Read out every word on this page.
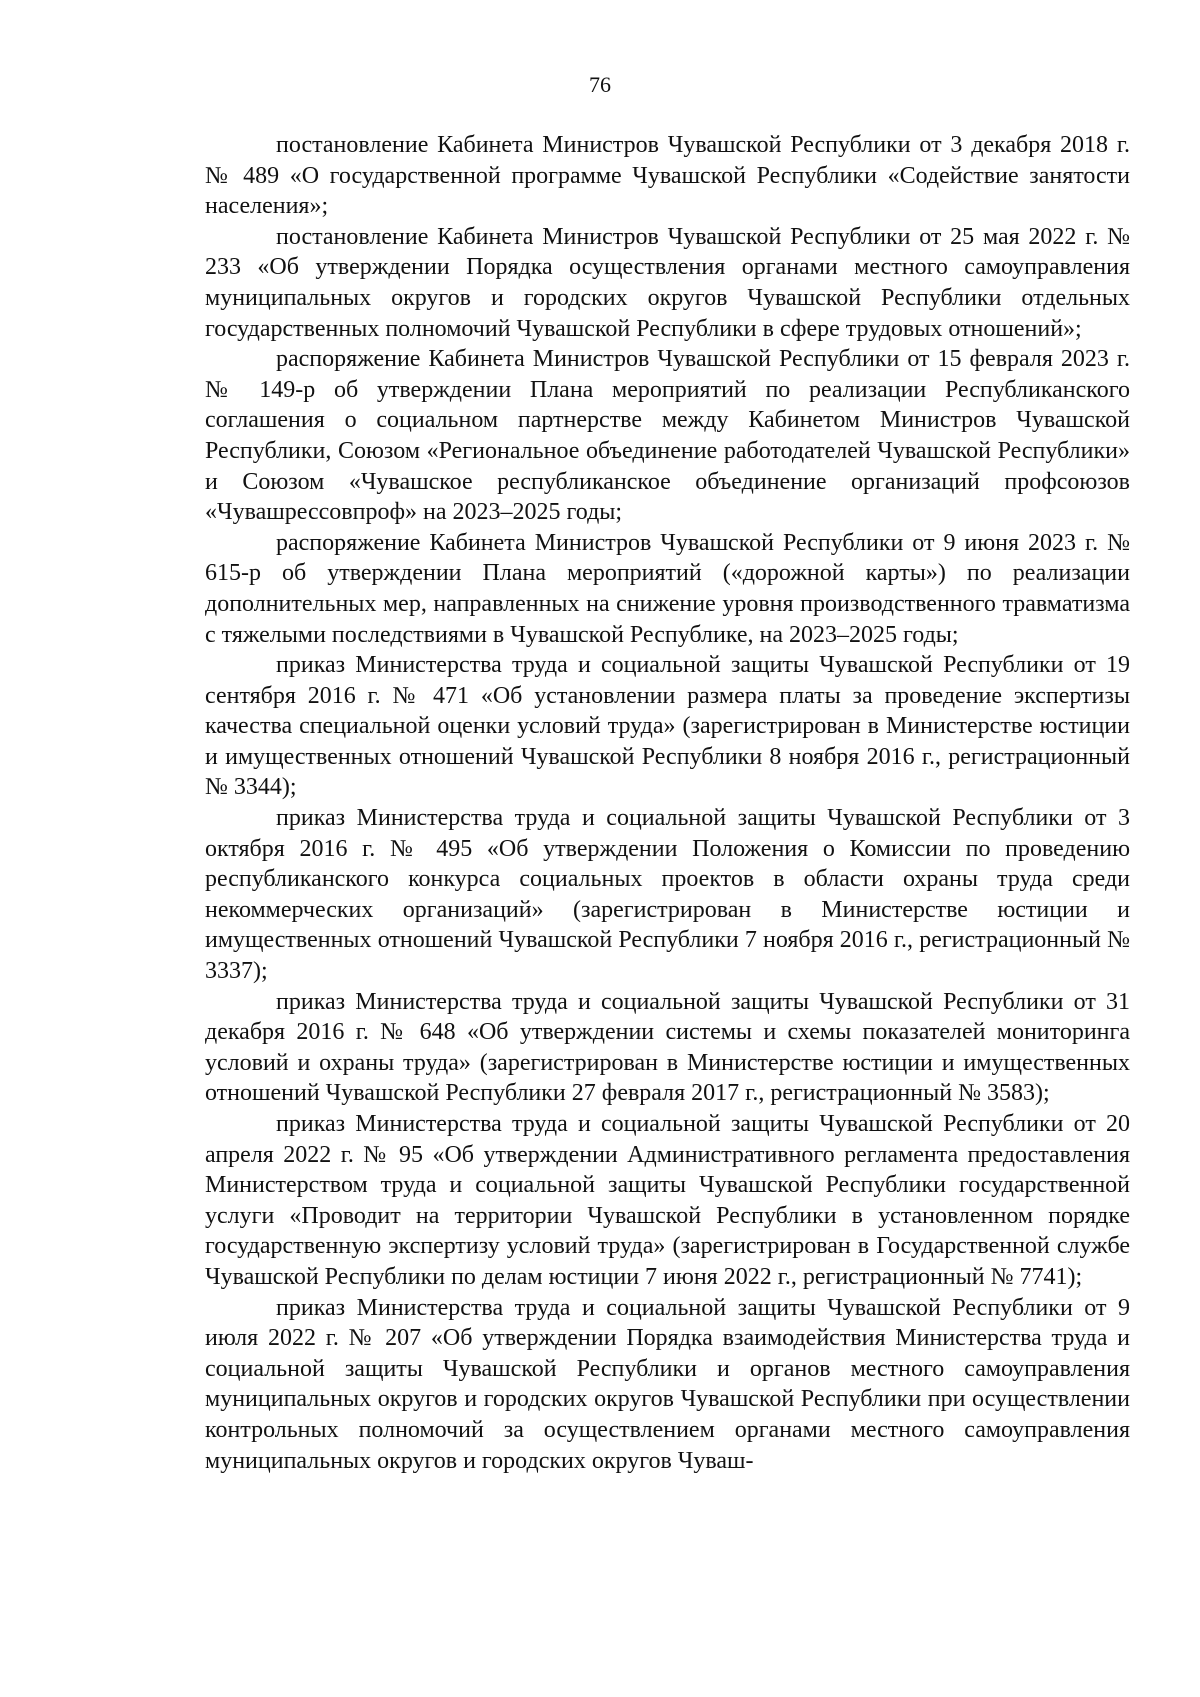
76

постановление Кабинета Министров Чувашской Республики от 3 декабря 2018 г. № 489 «О государственной программе Чувашской Республики «Содействие занятости населения»;

постановление Кабинета Министров Чувашской Республики от 25 мая 2022 г. № 233 «Об утверждении Порядка осуществления органами местного самоуправления муниципальных округов и городских округов Чувашской Республики отдельных государственных полномочий Чувашской Республики в сфере трудовых отношений»;

распоряжение Кабинета Министров Чувашской Республики от 15 февраля 2023 г. № 149-р об утверждении Плана мероприятий по реализации Республиканского соглашения о социальном партнерстве между Кабинетом Министров Чувашской Республики, Союзом «Региональное объединение работодателей Чувашской Республики» и Союзом «Чувашское республиканское объединение организаций профсоюзов «Чувашрессовпроф» на 2023–2025 годы;

распоряжение Кабинета Министров Чувашской Республики от 9 июня 2023 г. № 615-р об утверждении Плана мероприятий («дорожной карты») по реализации дополнительных мер, направленных на снижение уровня производственного травматизма с тяжелыми последствиями в Чувашской Республике, на 2023–2025 годы;

приказ Министерства труда и социальной защиты Чувашской Республики от 19 сентября 2016 г. № 471 «Об установлении размера платы за проведение экспертизы качества специальной оценки условий труда» (зарегистрирован в Министерстве юстиции и имущественных отношений Чувашской Республики 8 ноября 2016 г., регистрационный № 3344);

приказ Министерства труда и социальной защиты Чувашской Республики от 3 октября 2016 г. № 495 «Об утверждении Положения о Комиссии по проведению республиканского конкурса социальных проектов в области охраны труда среди некоммерческих организаций» (зарегистрирован в Министерстве юстиции и имущественных отношений Чувашской Республики 7 ноября 2016 г., регистрационный № 3337);

приказ Министерства труда и социальной защиты Чувашской Республики от 31 декабря 2016 г. № 648 «Об утверждении системы и схемы показателей мониторинга условий и охраны труда» (зарегистрирован в Министерстве юстиции и имущественных отношений Чувашской Республики 27 февраля 2017 г., регистрационный № 3583);

приказ Министерства труда и социальной защиты Чувашской Республики от 20 апреля 2022 г. № 95 «Об утверждении Административного регламента предоставления Министерством труда и социальной защиты Чувашской Республики государственной услуги «Проводит на территории Чувашской Республики в установленном порядке государственную экспертизу условий труда» (зарегистрирован в Государственной службе Чувашской Республики по делам юстиции 7 июня 2022 г., регистрационный № 7741);

приказ Министерства труда и социальной защиты Чувашской Республики от 9 июля 2022 г. № 207 «Об утверждении Порядка взаимодействия Министерства труда и социальной защиты Чувашской Республики и органов местного самоуправления муниципальных округов и городских округов Чувашской Республики при осуществлении контрольных полномочий за осуществлением органами местного самоуправления муниципальных округов и городских округов Чуваш-
